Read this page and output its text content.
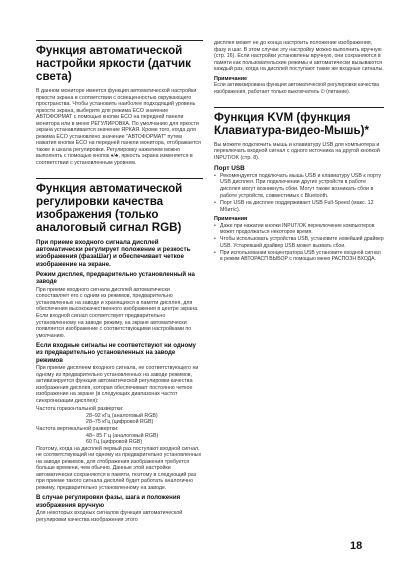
Функция автоматической настройки яркости (датчик света)
В данном мониторе имеется функция автоматической настройки яркости экрана в соответствии с освещенностью окружающего пространства. Чтобы установить наиболее подходящий уровень яркости экрана, выберите для режима ECO значение АВТОФОРМАТ с помощью кнопки ECO на передней панели монитора или в меню РЕГУЛИРОВКА. По умолчанию для яркости экрана устанавливается значение ЯРКАЯ. Кроме того, когда для режима ECO установлено значение "АВТОФОРМАТ" путем нажатия кнопки ECO на передней панели монитора, отображается также и шкала регулировки. Регулировку нажатием можно выполнять с помощью кнопок ♦/♣, яркость экрана изменяется в соответствии с установленным уровнем.
Функция автоматической регулировки качества изображения (только аналоговый сигнал RGB)
При приеме входного сигнала дисплей автоматически регулирует положение и резкость изображения (фазаШаг) и обеспечивает четкое изображение на экране.
Режим дисплея, предварительно установленный на заводе
При приеме входного сигнала дисплей автоматически сопоставляет его с одним из режимов, предварительно установленных на заводе и хранящихся в памяти дисплея, для обеспечения высококачественного изображения в центре экрана. Если входной сигнал соответствует предварительно установленному на заводе режиму, на экране автоматически появляется изображение с соответствующими настройками по умолчанию.
Если входные сигналы не соответствуют ни одному из предварительно установленных на заводе режимов
При приеме дисплеем входного сигнала, не соответствующего ни одному из предварительно установленных на заводе режимов, активизируется функция автоматической регулировки качества изображения дисплея, которая обеспечивает постоянно четкое изображение на экране (в следующих диапазонах частот синхронизации дисплея):
Частота горизонтальной развертки:
28–92 кГц (аналоговый RGB)
28–75 кГц (цифровой RGB)
Частота вертикальной развертки:
48– 85 Г ц (аналоговый RGB)
60 Гц (цифровой RGB)
Поэтому, когда на дисплей первый раз поступают входной сигнал, не соответствующий ни одному из предварительно установленных на заводе режимов, для отображения изображения требуется больше времени, чем обычно. Данные этой настройки автоматически сохраняются в памяти, поэтому в следующий раз при приеме такого сигнала дисплей будет работать аналогично режиму, предварительно установленному на заводе.
В случае регулировки фазы, шага и положения изображения вручную
Для некоторых входных сигналов функция автоматической регулировки качества изображения этого
дисплея может не до конца настроить положение изображения, фазу и шаг. В этом случае эту настройку можно выполнить вручную (стр. 16). Если настройки установлены вручную, они сохраняются в памяти как пользовательские режимы и автоматически вызываются каждый раз, когда на дисплей поступают такие же входные сигналы.
Примечание
Если активизирована функция автоматической регулировки качества изображения, работает только выключатель ⏻ (питание).
Функция KVM (функция Клавиатура-видео-Мышь)*
Вы можете подключить мышь и клавиатуру USB для компьютера и переключать входной сигнал с одного источника на другой кнопкой INPUT/OK (стр. 8).
Порт USB
• Рекомендуется подключать мышь USB и клавиатуру USB к порту USB дисплея. При подключении других устройств в работе дисплея могут возникнуть сбои. Могут также возникать сбои в работе устройств, совместимых с Bluetooth.
• Порт USB на дисплее поддерживает USB Full-Speed (макс. 12 Мбит/с).
Примечания
• Даже при нажатии кнопки INPUT/OK переключение компьютеров может продолжаться некоторое время.
• Чтобы использовать устройства USB, установите новейший драйвер USB. Устаревший драйвер USB может вызвать сбои.
• При использовании концентратора USB установите входной сигнал в режим АВТОРАСП ВЫБОР с помощью меню РАСПОЗН ВХОДА.
18
